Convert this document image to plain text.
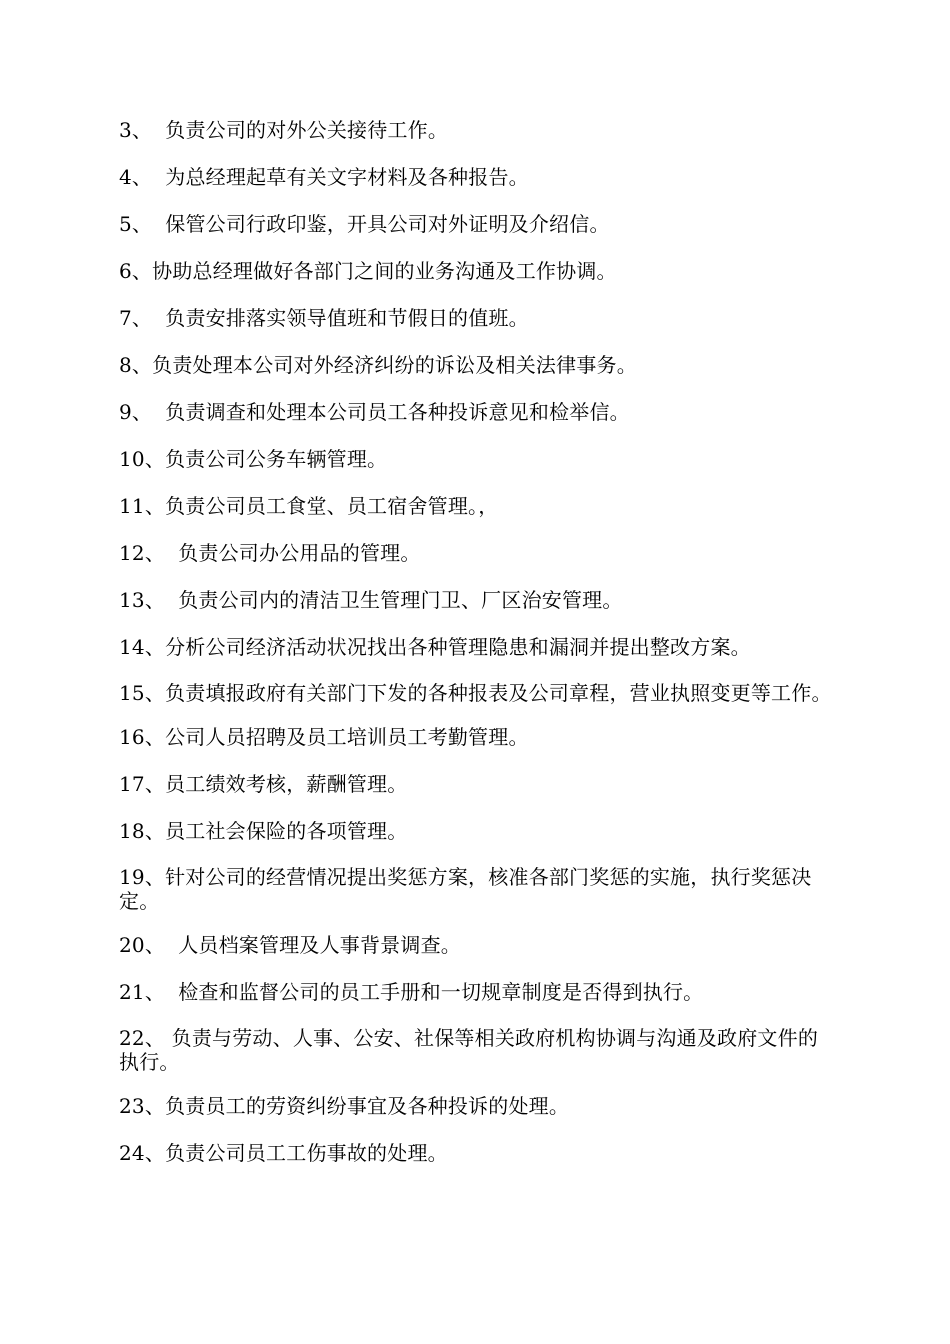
3、 负责公司的对外公关接待工作。
4、 为总经理起草有关文字材料及各种报告。
5、 保管公司行政印鉴，开具公司对外证明及介绍信。
6、协助总经理做好各部门之间的业务沟通及工作协调。
7、 负责安排落实领导值班和节假日的值班。
8、负责处理本公司对外经济纠纷的诉讼及相关法律事务。
9、 负责调查和处理本公司员工各种投诉意见和检举信。
10、负责公司公务车辆管理。
11、负责公司员工食堂、员工宿舍管理。，
12、 负责公司办公用品的管理。
13、 负责公司内的清洁卫生管理门卫、厂区治安管理。
14、分析公司经济活动状况找出各种管理隐患和漏洞并提出整改方案。
15、负责填报政府有关部门下发的各种报表及公司章程，营业执照变更等工作。
16、公司人员招聘及员工培训员工考勤管理。
17、员工绩效考核，薪酬管理。
18、员工社会保险的各项管理。
19、针对公司的经营情况提出奖惩方案，核准各部门奖惩的实施，执行奖惩决定。
20、 人员档案管理及人事背景调查。
21、 检查和监督公司的员工手册和一切规章制度是否得到执行。
22、 负责与劳动、人事、公安、社保等相关政府机构协调与沟通及政府文件的执行。
23、负责员工的劳资纠纷事宜及各种投诉的处理。
24、负责公司员工工伤事故的处理。
